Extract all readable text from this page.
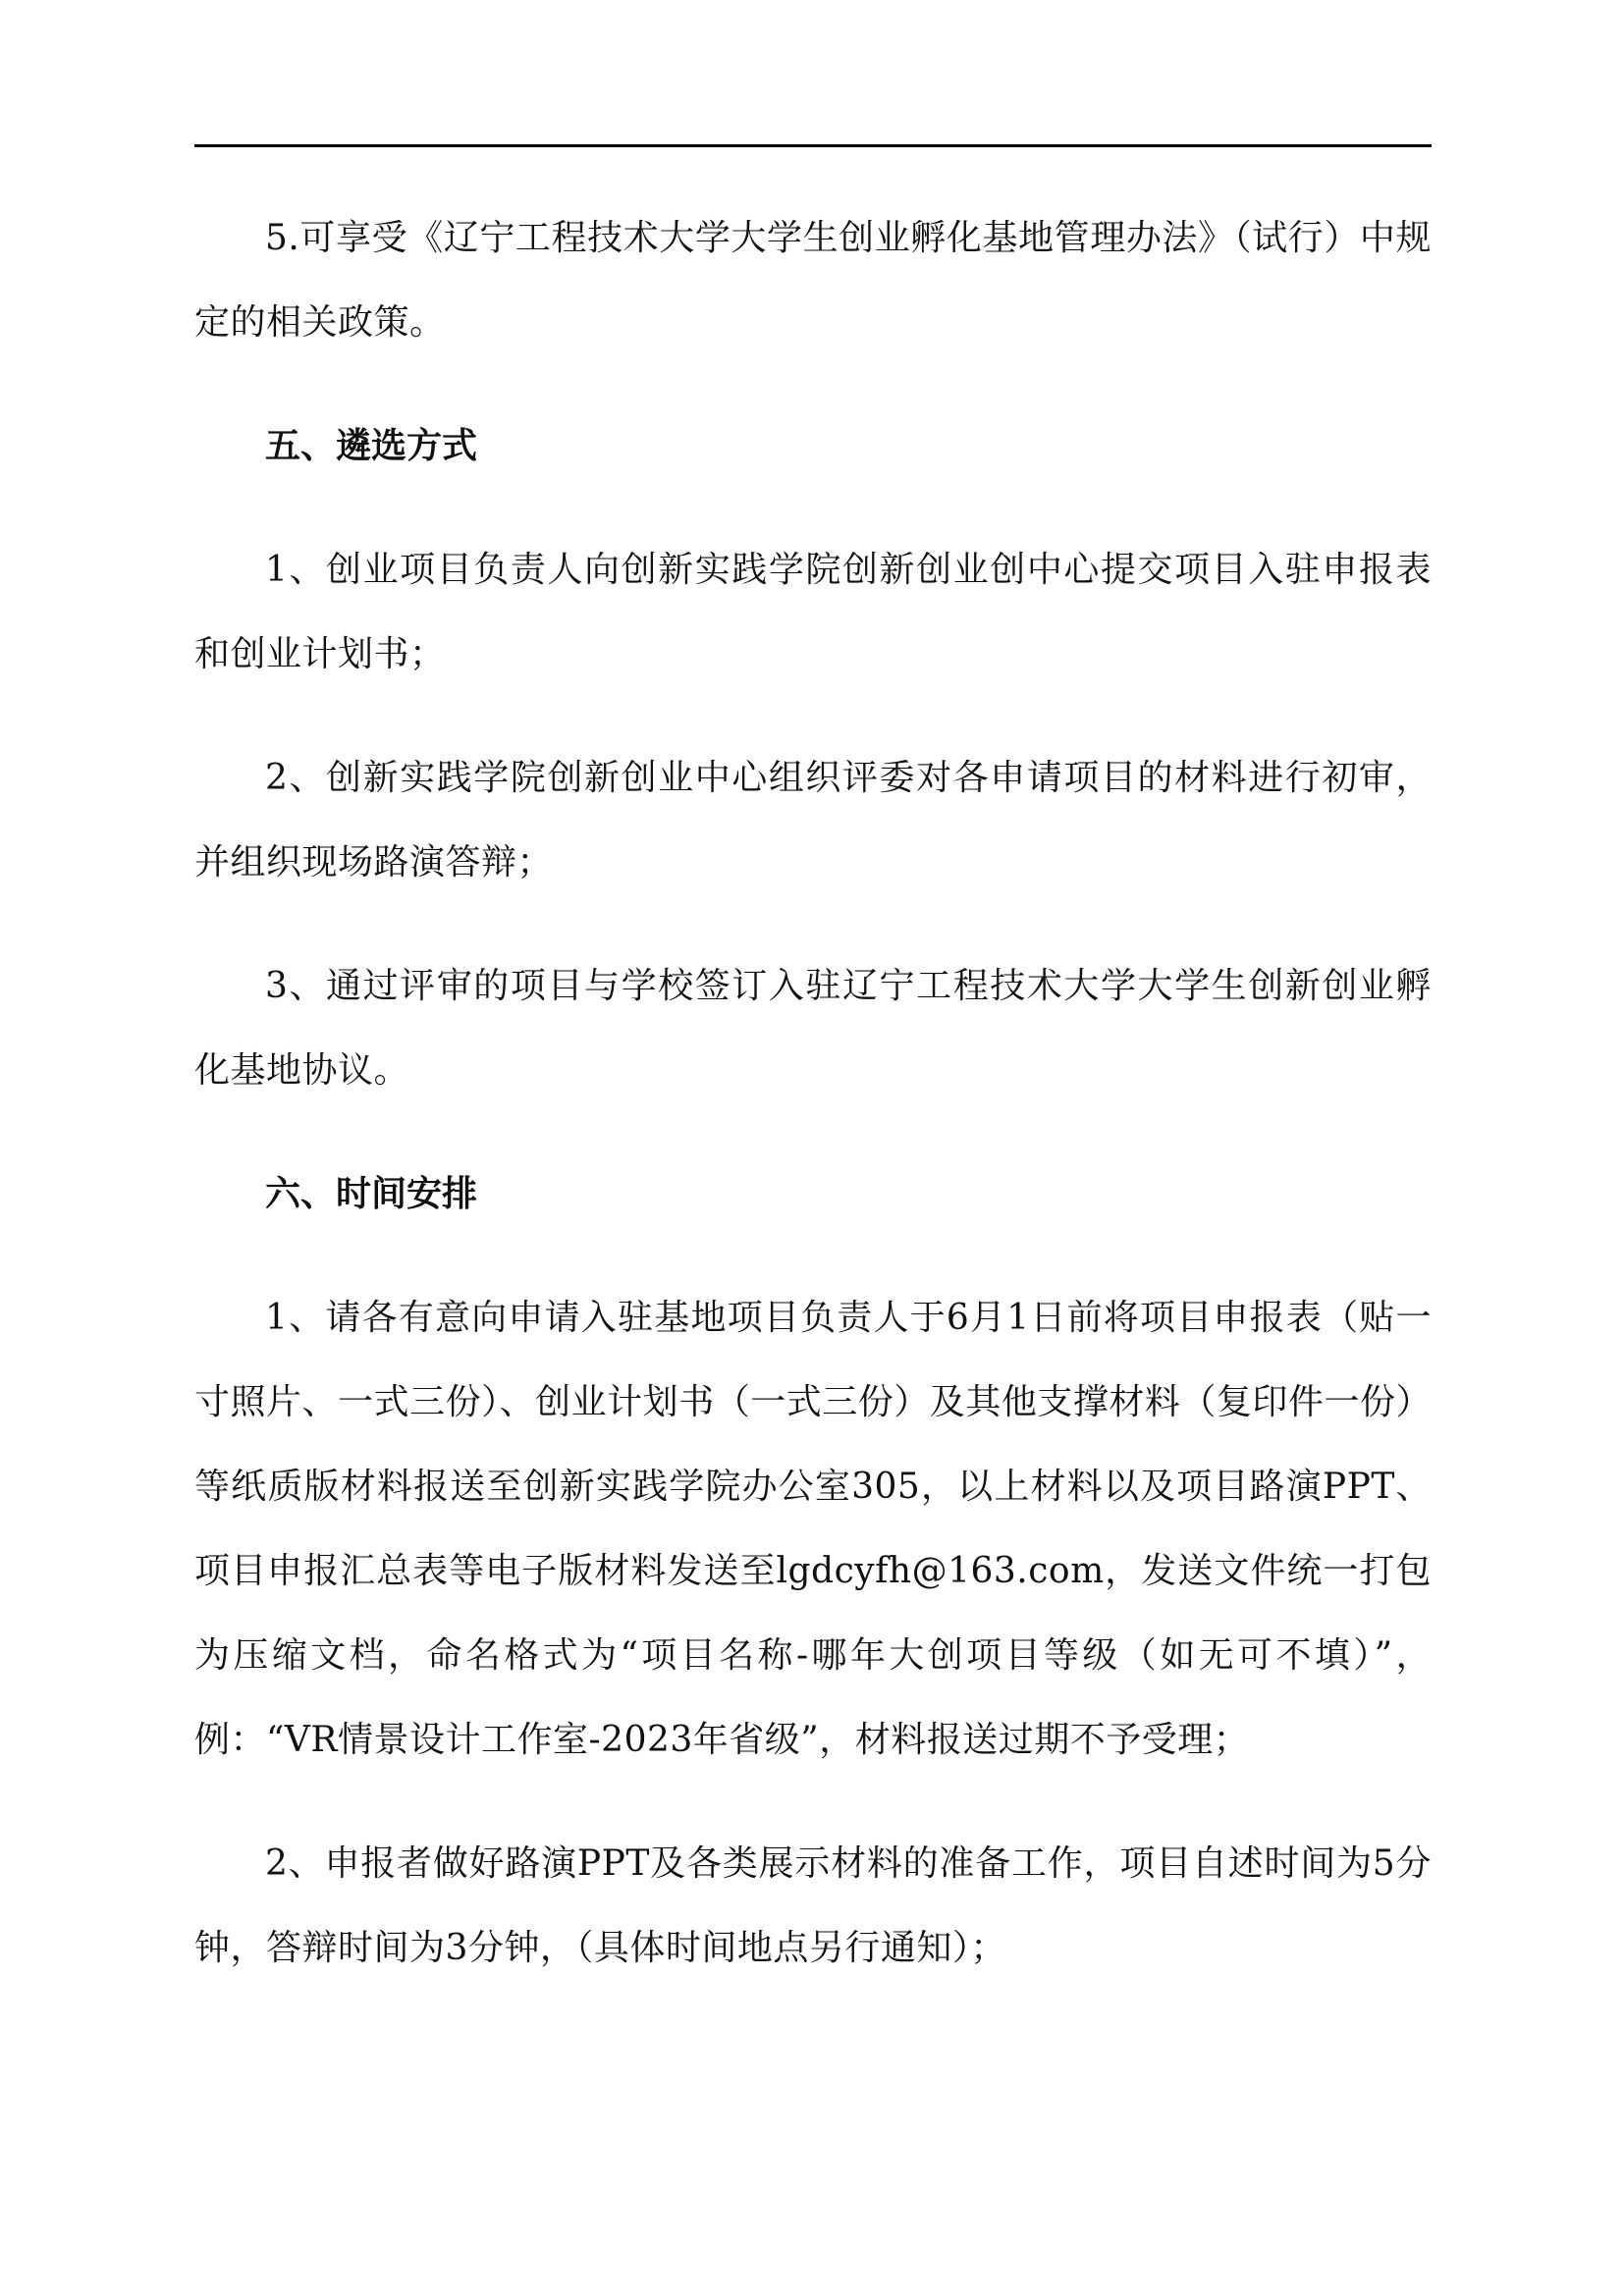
5.可享受《辽宁工程技术大学大学生创业孵化基地管理办法》（试行）中规定的相关政策。

五、遴选方式

1、创业项目负责人向创新实践学院创新创业创中心提交项目入驻申报表和创业计划书；

2、创新实践学院创新创业中心组织评委对各申请项目的材料进行初审，并组织现场路演答辩；

3、通过评审的项目与学校签订入驻辽宁工程技术大学大学生创新创业孵化基地协议。

六、时间安排

1、请各有意向申请入驻基地项目负责人于6月1日前将项目申报表（贴一寸照片、一式三份）、创业计划书（一式三份）及其他支撑材料（复印件一份）等纸质版材料报送至创新实践学院办公室305，以上材料以及项目路演PPT、项目申报汇总表等电子版材料发送至lgdcyfh@163.com，发送文件统一打包为压缩文档，命名格式为“项目名称-哪年大创项目等级（如无可不填）”，例：“VR情景设计工作室-2023年省级”，材料报送过期不予受理；

2、申报者做好路演PPT及各类展示材料的准备工作，项目自述时间为5分钟，答辩时间为3分钟，（具体时间地点另行通知）；
